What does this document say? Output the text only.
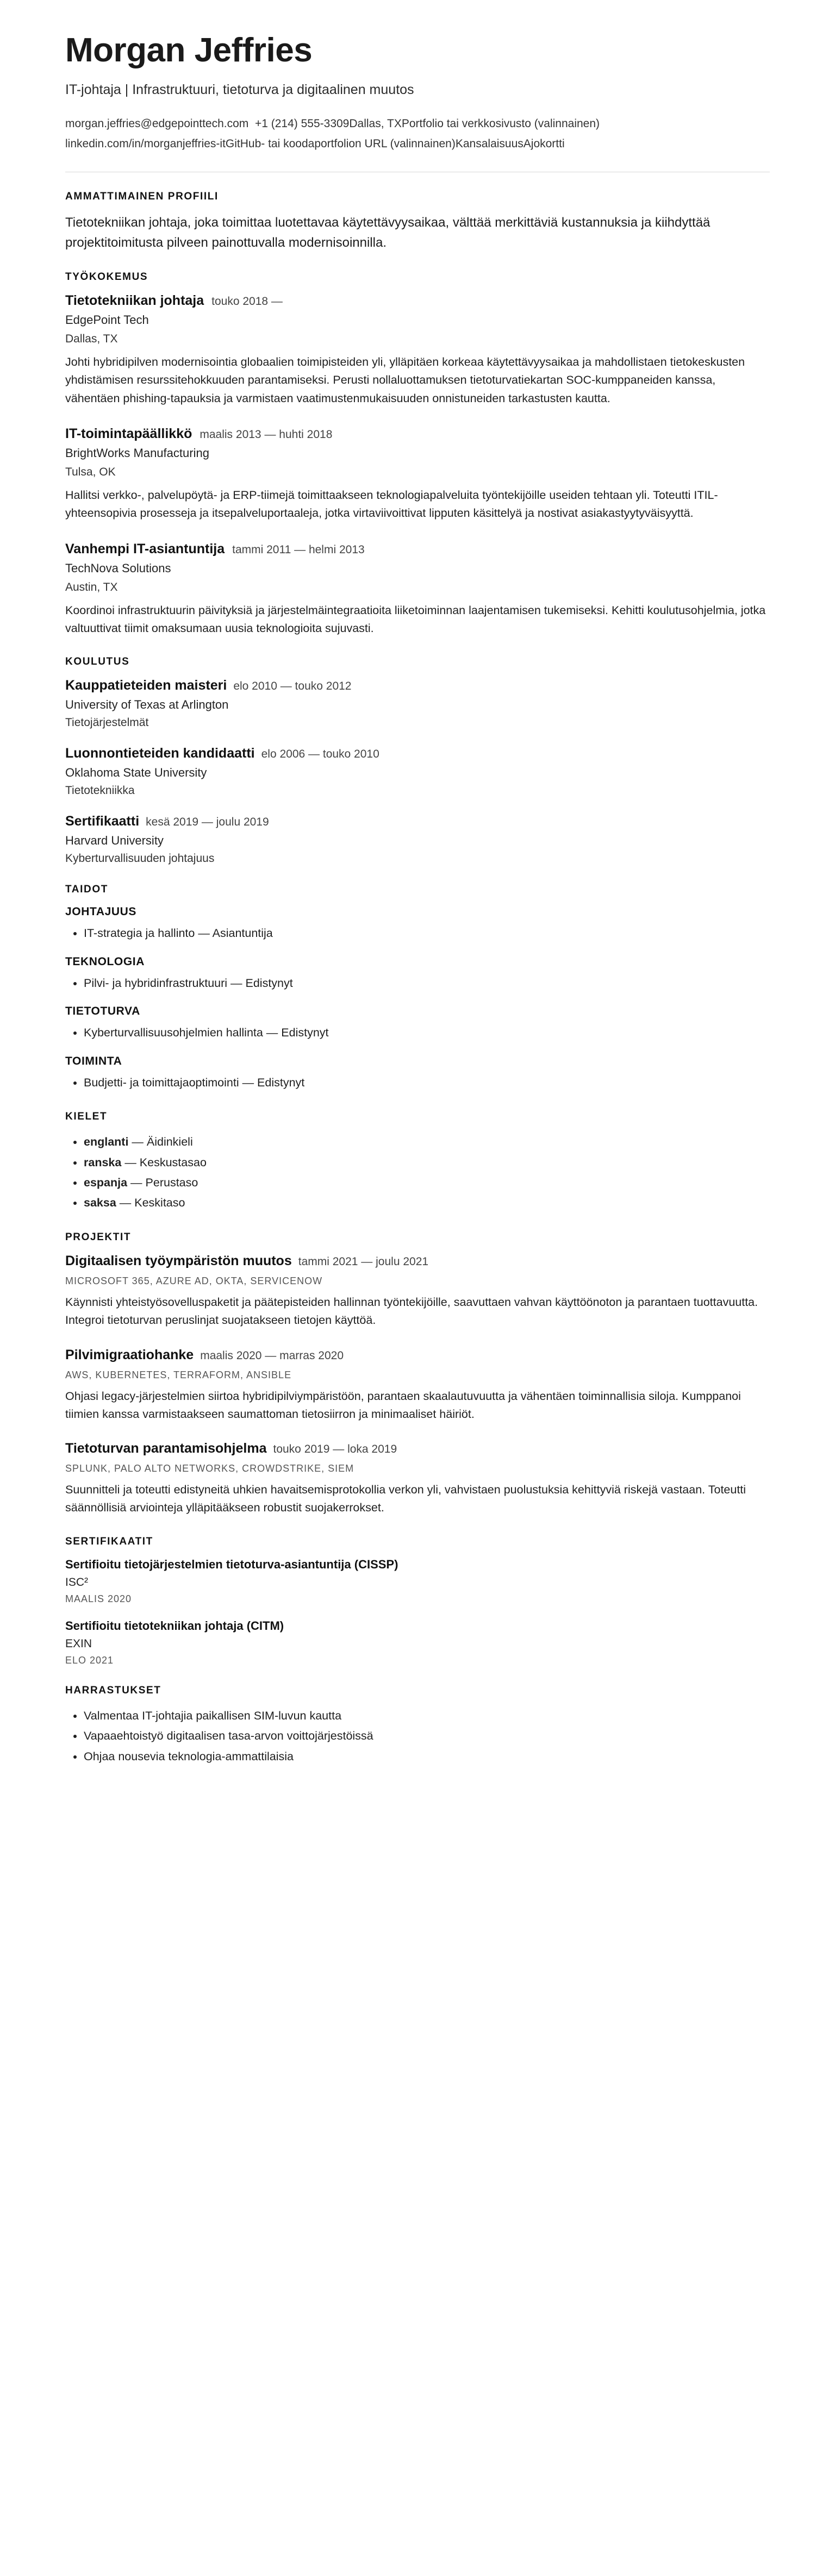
Morgan Jeffries
IT-johtaja | Infrastruktuuri, tietoturva ja digitaalinen muutos
morgan.jeffries@edgepointtech.com +1 (214) 555-3309Dallas, TXPortfolio tai verkkosivusto (valinnainen)
linkedin.com/in/morganjeffries-itGitHub- tai koodaportfolion URL (valinnainen)KansalaisuusAjokortti
AMMATTIMAINEN PROFIILI

Tietotekniikan johtaja, joka toimittaa luotettavaa käytettävyysaikaa, välttää merkittäviä kustannuksia ja kiihdyttää projektitoimitusta pilveen painottuvalla modernisoinnilla.

TYÖKOKEMUS
Tietotekniikan johtaja touko 2018 —
EdgePoint Tech
Dallas, TX
Johti hybridipilven modernisointia globaalien toimipisteiden yli, ylläpitäen korkeaa käytettävyysaikaa ja mahdollistaen tietokeskusten yhdistämisen resurssitehokkuuden parantamiseksi. Perusti nollaluottamuksen tietoturvatiekartan SOC-kumppaneiden kanssa, vähentäen phishing-tapauksia ja varmistaen vaatimustenmukaisuuden onnistuneiden tarkastusten kautta.
IT-toimintapäällikkö maalis 2013 — huhti 2018
BrightWorks Manufacturing
Tulsa, OK
Hallitsi verkko-, palvelupöytä- ja ERP-tiimejä toimittaakseen teknologiapalveluita työntekijöille useiden tehtaan yli. Toteutti ITIL-yhteensopivia prosesseja ja itsepalveluportaaleja, jotka virtaviivoittivat lipputen käsittelyä ja nostivat asiakastyytyväisyyttä.
Vanhempi IT-asiantuntija tammi 2011 — helmi 2013
TechNova Solutions
Austin, TX
Koordinoi infrastruktuurin päivityksiä ja järjestelmäintegraatioita liiketoiminnan laajentamisen tukemiseksi. Kehitti koulutusohjelmia, jotka valtuuttivat tiimit omaksumaan uusia teknologioita sujuvasti.
KOULUTUS
Kauppatieteiden maisteri elo 2010 — touko 2012
University of Texas at Arlington
Tietojärjestelmät
Luonnontieteiden kandidaatti elo 2006 — touko 2010
Oklahoma State University
Tietotekniikka
Sertifikaatti kesä 2019 — joulu 2019
Harvard University
Kyberturvallisuuden johtajuus
TAIDOT
JOHTAJUUS
• IT-strategia ja hallinto — Asiantuntija
TEKNOLOGIA
• Pilvi- ja hybridinfrastruktuuri — Edistynyt
TIETOTURVA
• Kyberturvallisuusohjelmien hallinta — Edistynyt
TOIMINTA
• Budjetti- ja toimittajaoptimointi — Edistynyt
KIELET
• englanti — Äidinkieli
• ranska — Keskustasao
• espanja — Perustaso
• saksa — Keskitaso
PROJEKTIT
Digitaalisen työympäristön muutos tammi 2021 — joulu 2021
MICROSOFT 365, AZURE AD, OKTA, SERVICENOW
Käynnisti yhteistyösovelluspaketit ja päätepisteiden hallinnan työntekijöille, saavuttaen vahvan käyttöönoton ja parantaen tuottavuutta. Integroi tietoturvan peruslinjat suojatakseen tietojen käyttöä.
Pilvimigraatiohanke maalis 2020 — marras 2020
AWS, KUBERNETES, TERRAFORM, ANSIBLE
Ohjasi legacy-järjestelmien siirtoa hybridipilviympäristöön, parantaen skaalautuvuutta ja vähentäen toiminnallisia siloja. Kumppanoi tiimien kanssa varmistaakseen saumattoman tietosiirron ja minimaaliset häiriöt.
Tietoturvan parantamisohjelma touko 2019 — loka 2019
SPLUNK, PALO ALTO NETWORKS, CROWDSTRIKE, SIEM
Suunnitteli ja toteutti edistyneitä uhkien havaitsemisprotokollia verkon yli, vahvistaen puolustuksia kehittyviä riskejä vastaan. Toteutti säännöllisiä arviointeja ylläpitääkseen robustit suojakerrokset.
SERTIFIKAATIT
Sertifioitu tietojärjestelmien tietoturva-asiantuntija (CISSP)
ISC²
MAALIS 2020
Sertifioitu tietotekniikan johtaja (CITM)
EXIN
ELO 2021
HARRASTUKSET
• Valmentaa IT-johtajia paikallisen SIM-luvun kautta
• Vapaaehtoistyö digitaalisen tasa-arvon voittojärjestöissä
• Ohjaa nousevia teknologia-ammattilaisia
